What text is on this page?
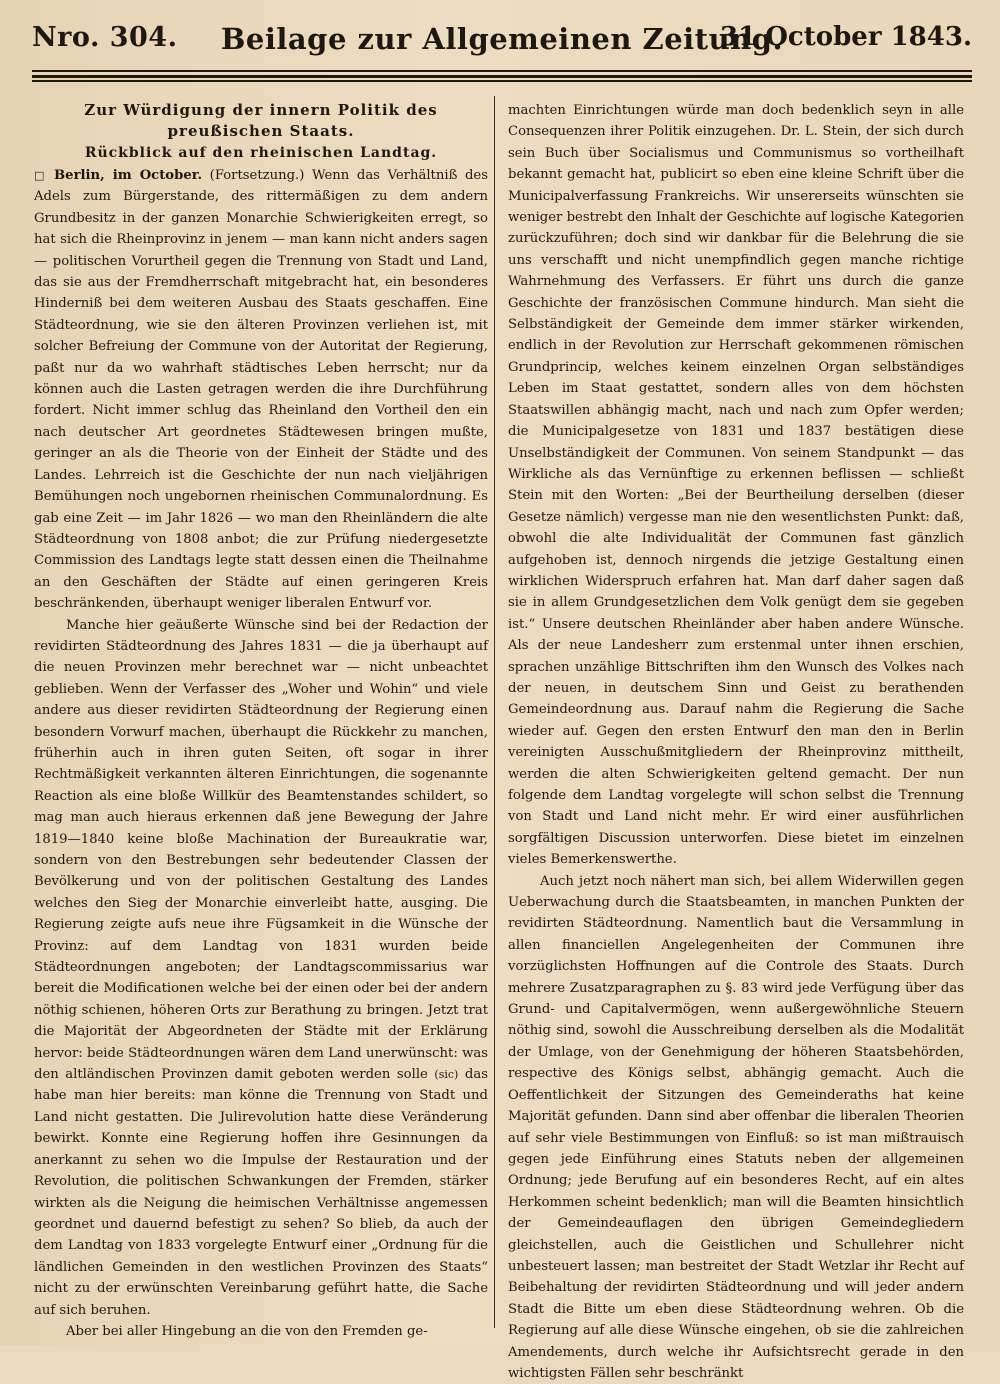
Nro. 304.	Beilage zur Allgemeinen Zeitung.
31 October 1843.
Zur Würdigung der innern Politik des preußischen Staats.
Rückblick auf den rheinischen Landtag.

□ Berlin, im October. (Fortsetzung.) Wenn das Verhältniß des Adels zum Bürgerstande, des rittermäßigen zu dem andern Grundbesitz in der ganzen Monarchie Schwierigkeiten erregt, so hat sich die Rheinprovinz in jenem — man kann nicht anders sagen — politischen Vorurtheil gegen die Trennung von Stadt und Land, das sie aus der Fremdherrschaft mitgebracht hat, ein besonderes Hinderniß bei dem weiteren Ausbau des Staats geschaffen. Eine Städteordnung, wie sie den älteren Provinzen verliehen ist, mit solcher Befreiung der Commune von der Autoritat der Regierung, paßt nur da wo wahrhaft städtisches Leben herrscht; nur da können auch die Lasten getragen werden die ihre Durchführung fordert. Nicht immer schlug das Rheinland den Vortheil den ein nach deutscher Art geordnetes Städtewesen bringen mußte, geringer an als die Theorie von der Einheit der Städte und des Landes. Lehrreich ist die Geschichte der nun nach vieljährigen Bemühungen noch ungebornen rheinischen Communalordnung. Es gab eine Zeit — im Jahr 1826 — wo man den Rheinländern die alte Städteordnung von 1808 anbot; die zur Prüfung niedergesetzte Commission des Landtags legte statt dessen einen die Theilnahme an den Geschäften der Städte auf einen geringeren Kreis beschränkenden, überhaupt weniger liberalen Entwurf vor.

Manche hier geäußerte Wünsche sind bei der Redaction der revidirten Städteordnung des Jahres 1831 — die ja überhaupt auf die neuen Provinzen mehr berechnet war — nicht unbeachtet geblieben. Wenn der Verfasser des „Woher und Wohin“ und viele andere aus dieser revidirten Städteordnung der Regierung einen besondern Vorwurf machen, überhaupt die Rückkehr zu manchen, früherhin auch in ihren guten Seiten, oft sogar in ihrer Rechtmäßigkeit verkannten älteren Einrichtungen, die sogenannte Reaction als eine bloße Willkür des Beamtenstandes schildert, so mag man auch hieraus erkennen daß jene Bewegung der Jahre 1819—1840 keine bloße Machination der Bureaukratie war, sondern von den Bestrebungen sehr bedeutender Classen der Bevölkerung und von der politischen Gestaltung des Landes welches den Sieg der Monarchie einverleibt hatte, ausging. Die Regierung zeigte aufs neue ihre Fügsamkeit in die Wünsche der Provinz: auf dem Landtag von 1831 wurden beide Städteordnungen angeboten; der Landtagscommissarius war bereit die Modificationen welche bei der einen oder bei der andern nöthig schienen, höheren Orts zur Berathung zu bringen. Jetzt trat die Majorität der Abgeordneten der Städte mit der Erklärung hervor: beide Städteordnungen wären dem Land unerwünscht: was den altländischen Provinzen damit geboten werden solle (sic) das habe man hier bereits: man könne die Trennung von Stadt und Land nicht gestatten. Die Julirevolution hatte diese Veränderung bewirkt. Konnte eine Regierung hoffen ihre Gesinnungen da anerkannt zu sehen wo die Impulse der Restauration und der Revolution, die politischen Schwankungen der Fremden, stärker wirkten als die Neigung die heimischen Verhältnisse angemessen geordnet und dauernd befestigt zu sehen? So blieb, da auch der dem Landtag von 1833 vorgelegte Entwurf einer „Ordnung für die ländlichen Gemeinden in den westlichen Provinzen des Staats“ nicht zu der erwünschten Vereinbarung geführt hatte, die Sache auf sich beruhen.

Aber bei aller Hingebung an die von den Fremden ge-

machten Einrichtungen würde man doch bedenklich seyn in alle Consequenzen ihrer Politik einzugehen. Dr. L. Stein, der sich durch sein Buch über Socialismus und Communismus so vortheilhaft bekannt gemacht hat, publicirt so eben eine kleine Schrift über die Municipalverfassung Frankreichs. Wir unsererseits wünschten sie weniger bestrebt den Inhalt der Geschichte auf logische Kategorien zurückzuführen; doch sind wir dankbar für die Belehrung die sie uns verschafft und nicht unempfindlich gegen manche richtige Wahrnehmung des Verfassers. Er führt uns durch die ganze Geschichte der französischen Commune hindurch. Man sieht die Selbständigkeit der Gemeinde dem immer stärker wirkenden, endlich in der Revolution zur Herrschaft gekommenen römischen Grundprincip, welches keinem einzelnen Organ selbständiges Leben im Staat gestattet, sondern alles von dem höchsten Staatswillen abhängig macht, nach und nach zum Opfer werden; die Municipalgesetze von 1831 und 1837 bestätigen diese Unselbständigkeit der Communen. Von seinem Standpunkt — das Wirkliche als das Vernünftige zu erkennen beflissen — schließt Stein mit den Worten: „Bei der Beurtheilung derselben (dieser Gesetze nämlich) vergesse man nie den wesentlichsten Punkt: daß, obwohl die alte Individualität der Communen fast gänzlich aufgehoben ist, dennoch nirgends die jetzige Gestaltung einen wirklichen Widerspruch erfahren hat. Man darf daher sagen daß sie in allem Grundgesetzlichen dem Volk genügt dem sie gegeben ist.“ Unsere deutschen Rheinländer aber haben andere Wünsche. Als der neue Landesherr zum erstenmal unter ihnen erschien, sprachen unzählige Bittschriften ihm den Wunsch des Volkes nach der neuen, in deutschem Sinn und Geist zu berathenden Gemeindeordnung aus. Darauf nahm die Regierung die Sache wieder auf. Gegen den ersten Entwurf den man den in Berlin vereinigten Ausschußmitgliedern der Rheinprovinz mittheilt, werden die alten Schwierigkeiten geltend gemacht. Der nun folgende dem Landtag vorgelegte will schon selbst die Trennung von Stadt und Land nicht mehr. Er wird einer ausführlichen sorgfältigen Discussion unterworfen. Diese bietet im einzelnen vieles Bemerkenswerthe.

Auch jetzt noch nähert man sich, bei allem Widerwillen gegen Ueberwachung durch die Staatsbeamten, in manchen Punkten der revidirten Städteordnung. Namentlich baut die Versammlung in allen financiellen Angelegenheiten der Communen ihre vorzüglichsten Hoffnungen auf die Controle des Staats. Durch mehrere Zusatzparagraphen zu §. 83 wird jede Verfügung über das Grund- und Capitalvermögen, wenn außergewöhnliche Steuern nöthig sind, sowohl die Ausschreibung derselben als die Modalität der Umlage, von der Genehmigung der höheren Staatsbehörden, respective des Königs selbst, abhängig gemacht. Auch die Oeffentlichkeit der Sitzungen des Gemeinderaths hat keine Majorität gefunden. Dann sind aber offenbar die liberalen Theorien auf sehr viele Bestimmungen von Einfluß: so ist man mißtrauisch gegen jede Einführung eines Statuts neben der allgemeinen Ordnung; jede Berufung auf ein besonderes Recht, auf ein altes Herkommen scheint bedenklich; man will die Beamten hinsichtlich der Gemeindeauflagen den übrigen Gemeindegliedern gleichstellen, auch die Geistlichen und Schullehrer nicht unbesteuert lassen; man bestreitet der Stadt Wetzlar ihr Recht auf Beibehaltung der revidirten Städteordnung und will jeder andern Stadt die Bitte um eben diese Städteordnung wehren. Ob die Regierung auf alle diese Wünsche eingehen, ob sie die zahlreichen Amendements, durch welche ihr Aufsichtsrecht gerade in den wichtigsten Fällen sehr beschränkt
